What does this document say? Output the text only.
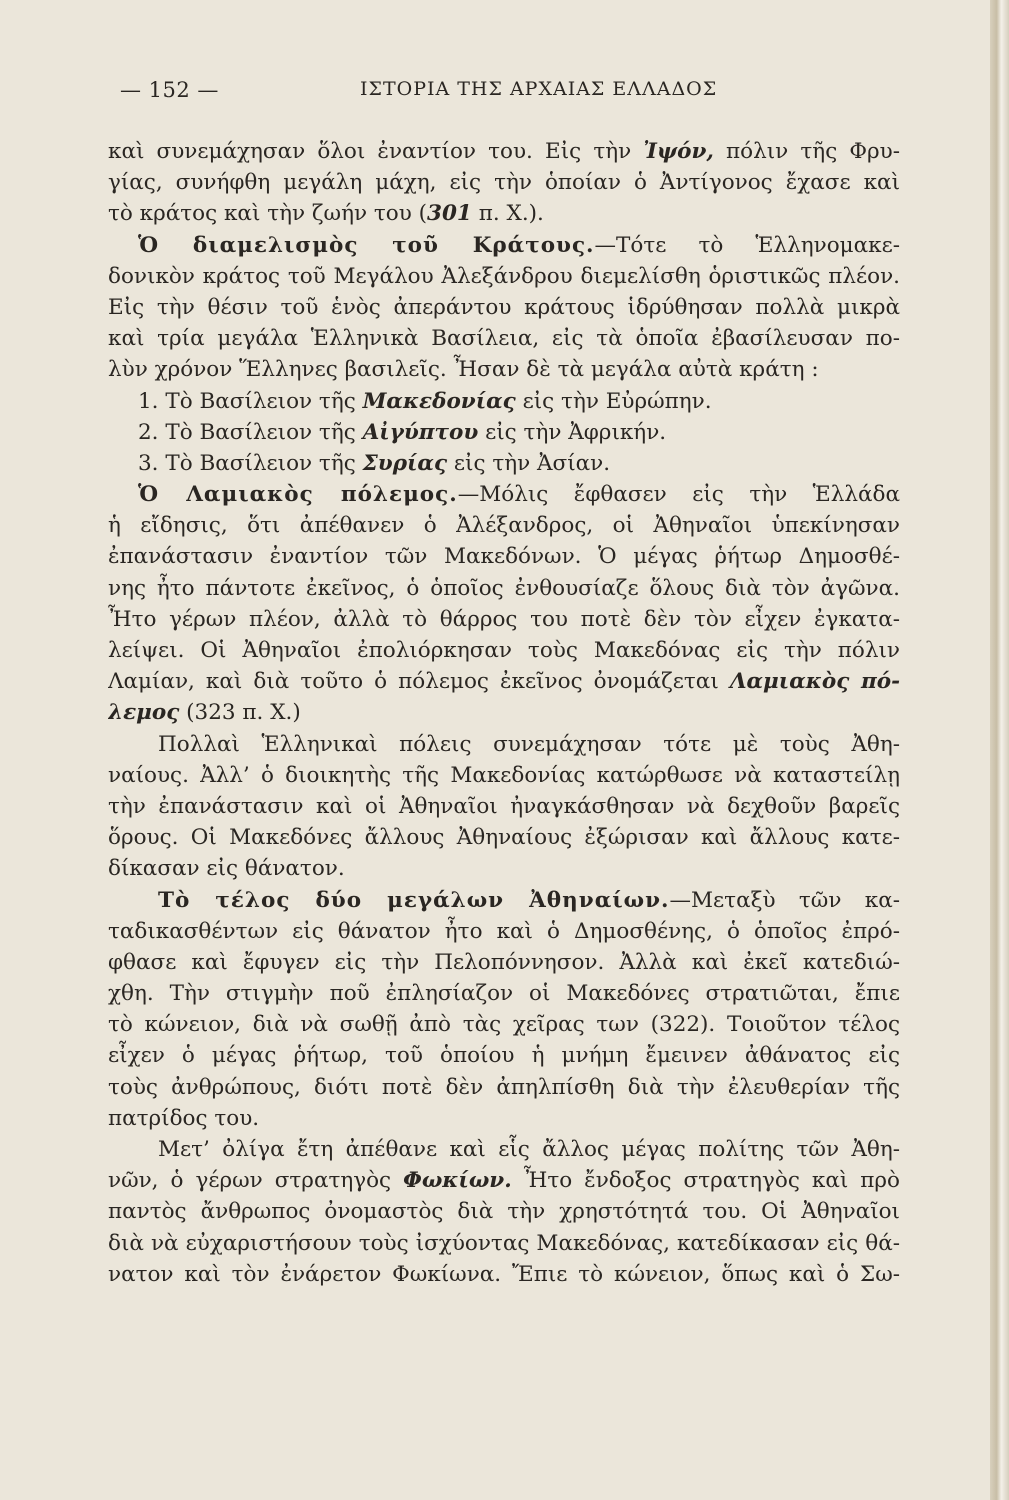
— 152 —	ΙΣΤΟΡΙΑ ΤΗΣ ΑΡΧΑΙΑΣ ΕΛΛΑΔΟΣ
καὶ συνεμάχησαν ὅλοι ἐναντίον του. Εἰς τὴν Ἰψόν, πόλιν τῆς Φρυ-
γίας, συνήφθη μεγάλη μάχη, εἰς τὴν ὁποίαν ὁ Ἀντίγονος ἔχασε καὶ
τὸ κράτος καὶ τὴν ζωήν του (301 π. Χ.).
Ὁ διαμελισμὸς τοῦ Κράτους.—Τότε τὸ Ἑλληνομακε-
δονικὸν κράτος τοῦ Μεγάλου Ἀλεξάνδρου διεμελίσθη ὁριστικῶς πλέον.
Εἰς τὴν θέσιν τοῦ ἑνὸς ἀπεράντου κράτους ἱδρύθησαν πολλὰ μικρὰ
καὶ τρία μεγάλα Ἑλληνικὰ Βασίλεια, εἰς τὰ ὁποῖα ἐβασίλευσαν πο-
λὺν χρόνον Ἕλληνες βασιλεῖς. Ἦσαν δὲ τὰ μεγάλα αὐτὰ κράτη :
1. Τὸ Βασίλειον τῆς Μακεδονίας εἰς τὴν Εὐρώπην.
2. Τὸ Βασίλειον τῆς Αἰγύπτου εἰς τὴν Ἀφρικήν.
3. Τὸ Βασίλειον τῆς Συρίας εἰς τὴν Ἀσίαν.
Ὁ Λαμιακὸς πόλεμος.—Μόλις ἔφθασεν εἰς τὴν Ἑλλάδα
ἡ εἴδησις, ὅτι ἀπέθανεν ὁ Ἀλέξανδρος, οἱ Ἀθηναῖοι ὑπεκίνησαν
ἐπανάστασιν ἐναντίον τῶν Μακεδόνων. Ὁ μέγας ῥήτωρ Δημοσθέ-
νης ἦτο πάντοτε ἐκεῖνος, ὁ ὁποῖος ἐνθουσίαζε ὅλους διὰ τὸν ἀγῶνα.
Ἦτο γέρων πλέον, ἀλλὰ τὸ θάρρος του ποτὲ δὲν τὸν εἶχεν ἐγκατα-
λείψει. Οἱ Ἀθηναῖοι ἐπολιόρκησαν τοὺς Μακεδόνας εἰς τὴν πόλιν
Λαμίαν, καὶ διὰ τοῦτο ὁ πόλεμος ἐκεῖνος ὀνομάζεται Λαμιακὸς πό-
λεμος (323 π. Χ.)
Πολλαὶ Ἑλληνικαὶ πόλεις συνεμάχησαν τότε μὲ τοὺς Ἀθη-
ναίους. Ἀλλ’ ὁ διοικητὴς τῆς Μακεδονίας κατώρθωσε νὰ καταστείλῃ
τὴν ἐπανάστασιν καὶ οἱ Ἀθηναῖοι ἠναγκάσθησαν νὰ δεχθοῦν βαρεῖς
ὅρους. Οἱ Μακεδόνες ἄλλους Ἀθηναίους ἐξώρισαν καὶ ἄλλους κατε-
δίκασαν εἰς θάνατον.
Τὸ τέλος δύο μεγάλων Ἀθηναίων.—Μεταξὺ τῶν κα-
ταδικασθέντων εἰς θάνατον ἦτο καὶ ὁ Δημοσθένης, ὁ ὁποῖος ἐπρό-
φθασε καὶ ἔφυγεν εἰς τὴν Πελοπόννησον. Ἀλλὰ καὶ ἐκεῖ κατεδιώ-
χθη. Τὴν στιγμὴν ποῦ ἐπλησίαζον οἱ Μακεδόνες στρατιῶται, ἔπιε
τὸ κώνειον, διὰ νὰ σωθῇ ἀπὸ τὰς χεῖρας των (322). Τοιοῦτον τέλος
εἶχεν ὁ μέγας ῥήτωρ, τοῦ ὁποίου ἡ μνήμη ἔμεινεν ἀθάνατος εἰς
τοὺς ἀνθρώπους, διότι ποτὲ δὲν ἀπηλπίσθη διὰ τὴν ἐλευθερίαν τῆς
πατρίδος του.
Μετ’ ὀλίγα ἔτη ἀπέθανε καὶ εἷς ἄλλος μέγας πολίτης τῶν Ἀθη-
νῶν, ὁ γέρων στρατηγὸς Φωκίων. Ἦτο ἔνδοξος στρατηγὸς καὶ πρὸ
παντὸς ἄνθρωπος ὀνομαστὸς διὰ τὴν χρηστότητά του. Οἱ Ἀθηναῖοι
διὰ νὰ εὐχαριστήσουν τοὺς ἰσχύοντας Μακεδόνας, κατεδίκασαν εἰς θά-
νατον καὶ τὸν ἐνάρετον Φωκίωνα. Ἔπιε τὸ κώνειον, ὅπως καὶ ὁ Σω-
